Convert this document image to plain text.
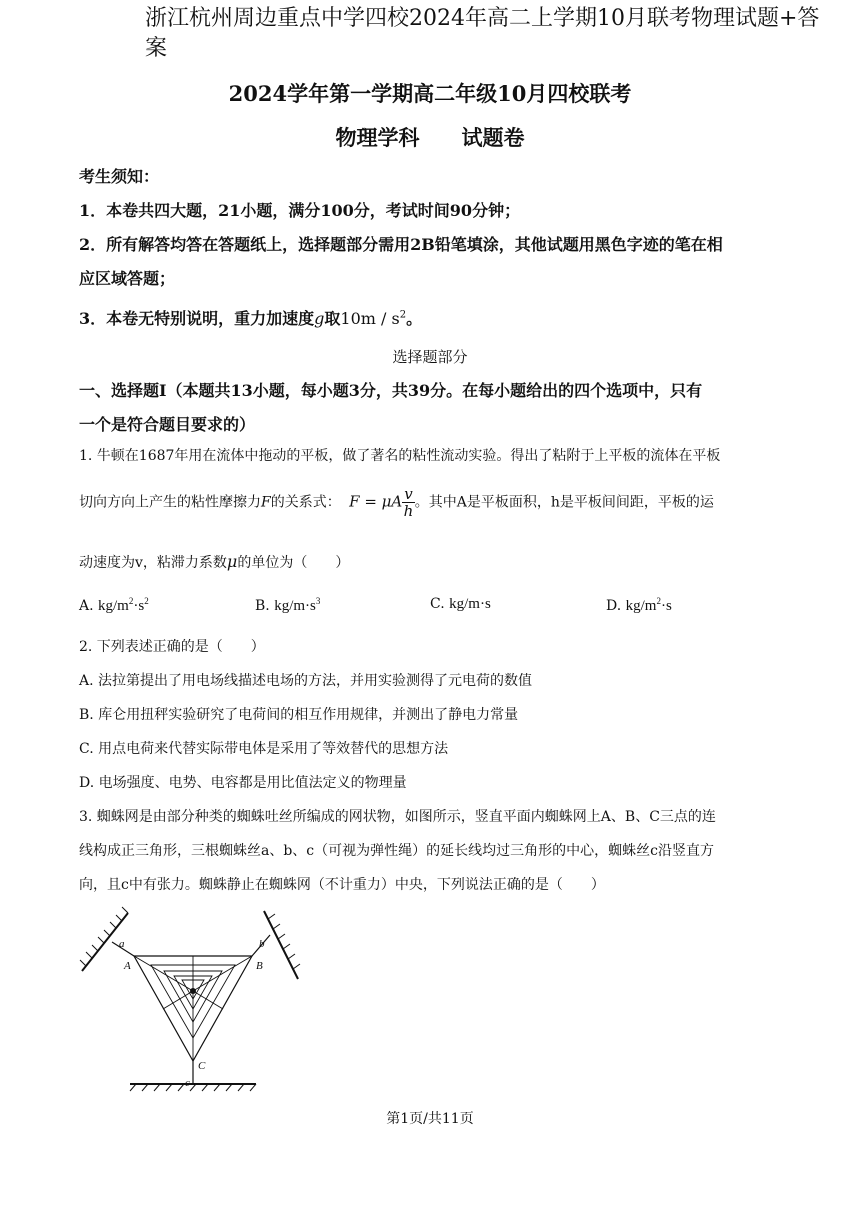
浙江杭州周边重点中学四校2024年高二上学期10月联考物理试题+答案
2024学年第一学期高二年级10月四校联考
物理学科　　试题卷
考生须知：
1．本卷共四大题，21小题，满分100分，考试时间90分钟；
2．所有解答均答在答题纸上，选择题部分需用2B铅笔填涂，其他试题用黑色字迹的笔在相
应区域答题；
3．本卷无特别说明，重力加速度g取$10m / s^2$。
选择题部分
一、选择题Ⅰ（本题共13小题，每小题3分，共39分。在每小题给出的四个选项中，只有
一个是符合题目要求的）
1. 牛顿在1687年用在流体中拖动的平板，做了著名的粘性流动实验。得出了粘附于上平板的流体在平板
切向方向上产生的粘性摩擦力F的关系式： F = μA $\frac{v}{h}$ 。其中A是平板面积，h是平板间间距，平板的运
动速度为v，粘滞力系数μ的单位为（　　）
A. $kg/m^2\cdot s^2$	B. $kg/m\cdot s^3$	C. kg/m·s	D. $kg/m^2\cdot s$
2. 下列表述正确的是（　　）
A. 法拉第提出了用电场线描述电场的方法，并用实验测得了元电荷的数值
B. 库仑用扭秤实验研究了电荷间的相互作用规律，并测出了静电力常量
C. 用点电荷来代替实际带电体是采用了等效替代的思想方法
D. 电场强度、电势、电容都是用比值法定义的物理量
3. 蜘蛛网是由部分种类的蜘蛛吐丝所编成的网状物，如图所示，竖直平面内蜘蛛网上A、B、C三点的连
线构成正三角形，三根蜘蛛丝a、b、c（可视为弹性绳）的延长线均过三角形的中心，蜘蛛丝c沿竖直方
向，且c中有张力。蜘蛛静止在蜘蛛网（不计重力）中央，下列说法正确的是（　　）
a
A
b
B
C
c
第1页/共11页
